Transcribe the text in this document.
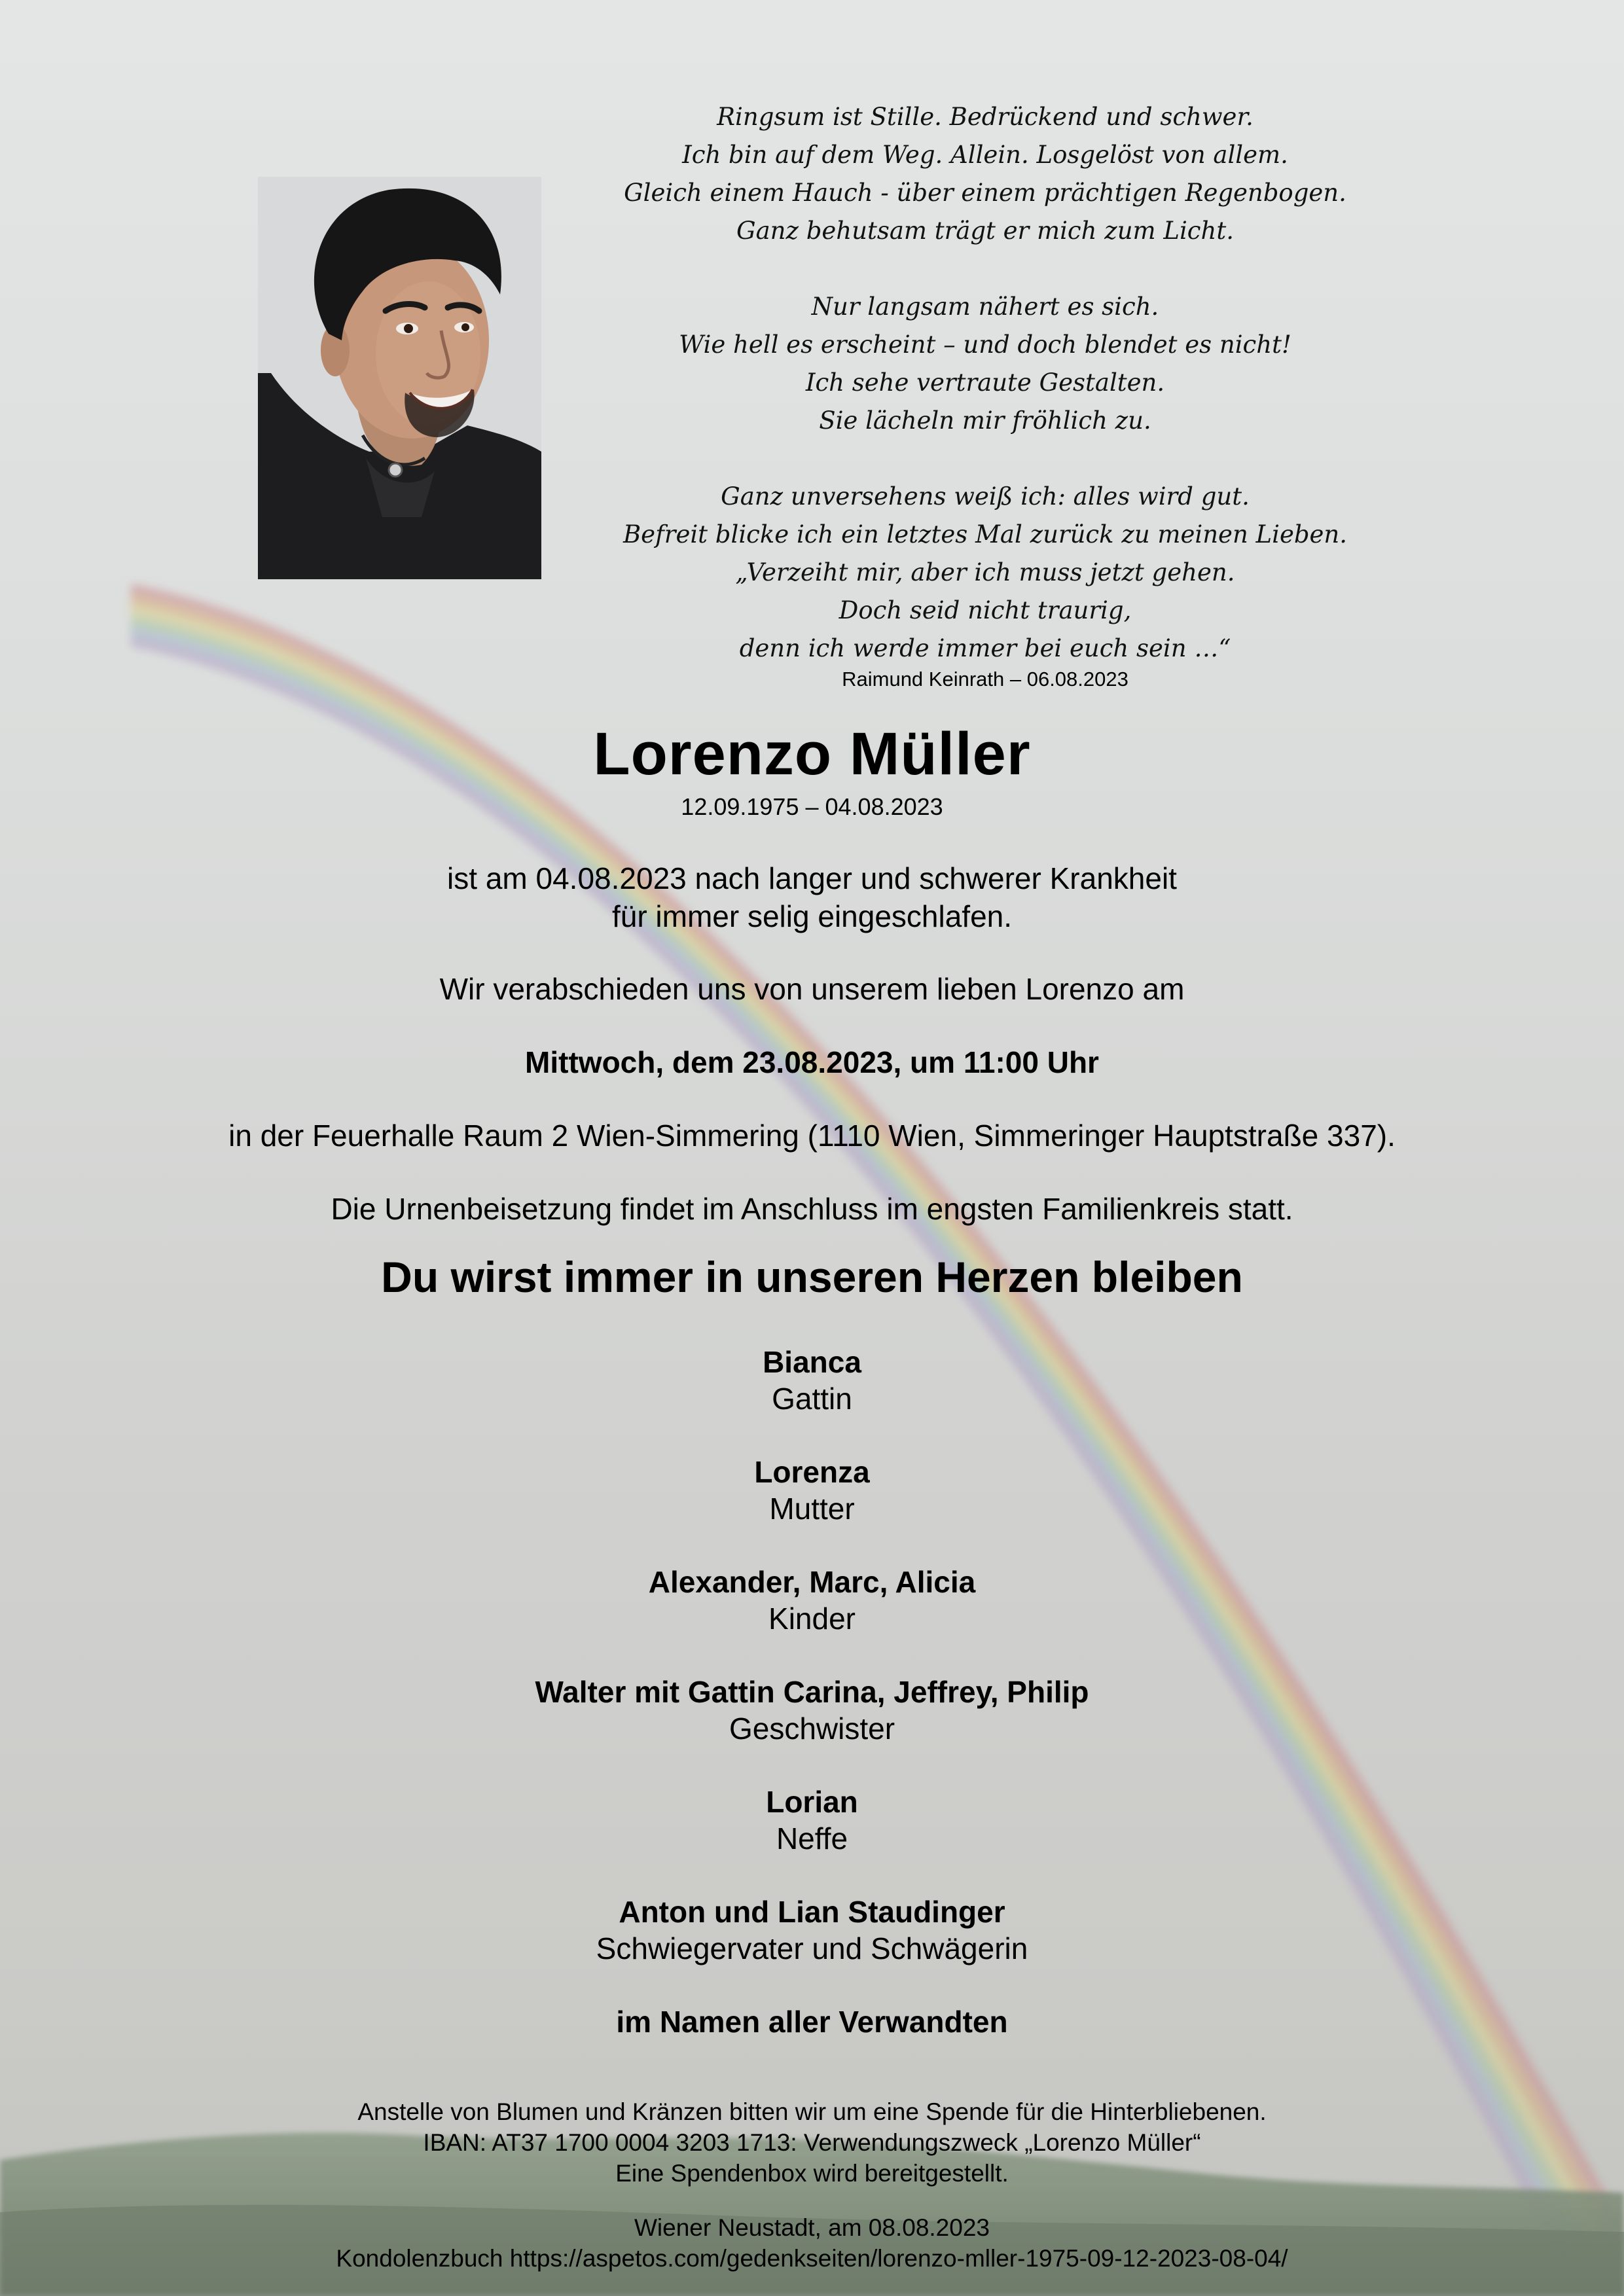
Ringsum ist Stille. Bedrückend und schwer.
Ich bin auf dem Weg. Allein. Losgelöst von allem.
Gleich einem Hauch - über einem prächtigen Regenbogen.
Ganz behutsam trägt er mich zum Licht.
Nur langsam nähert es sich.
Wie hell es erscheint – und doch blendet es nicht!
Ich sehe vertraute Gestalten.
Sie lächeln mir fröhlich zu.
Ganz unversehens weiß ich: alles wird gut.
Befreit blicke ich ein letztes Mal zurück zu meinen Lieben.
„Verzeiht mir, aber ich muss jetzt gehen.
Doch seid nicht traurig,
denn ich werde immer bei euch sein …“
Raimund Keinrath – 06.08.2023
Lorenzo Müller
12.09.1975 – 04.08.2023
ist am 04.08.2023 nach langer und schwerer Krankheit
für immer selig eingeschlafen.
Wir verabschieden uns von unserem lieben Lorenzo am
Mittwoch, dem 23.08.2023, um 11:00 Uhr
in der Feuerhalle Raum 2 Wien-Simmering (1110 Wien, Simmeringer Hauptstraße 337).
Die Urnenbeisetzung findet im Anschluss im engsten Familienkreis statt.
Du wirst immer in unseren Herzen bleiben
Bianca
Gattin
Lorenza
Mutter
Alexander, Marc, Alicia
Kinder
Walter mit Gattin Carina, Jeffrey, Philip
Geschwister
Lorian
Neffe
Anton und Lian Staudinger
Schwiegervater und Schwägerin
im Namen aller Verwandten
Anstelle von Blumen und Kränzen bitten wir um eine Spende für die Hinterbliebenen.
IBAN: AT37 1700 0004 3203 1713: Verwendungszweck „Lorenzo Müller“
Eine Spendenbox wird bereitgestellt.
Wiener Neustadt, am 08.08.2023
Kondolenzbuch https://aspetos.com/gedenkseiten/lorenzo-mller-1975-09-12-2023-08-04/
